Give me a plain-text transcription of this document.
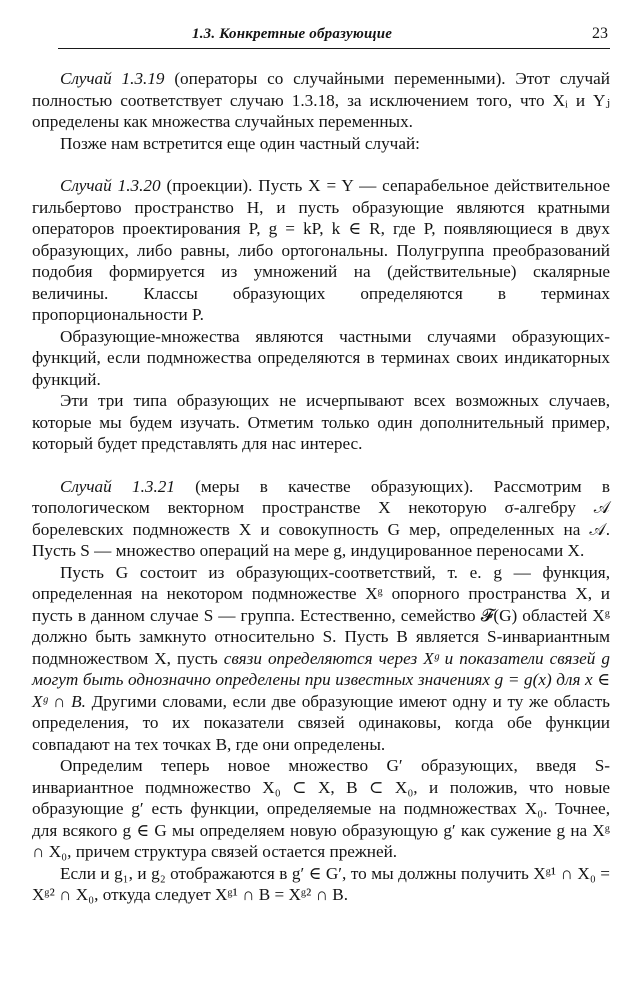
1.3. Конкретные образующие	23

Случай 1.3.19 (операторы со случайными переменными). Этот случай полностью соответствует случаю 1.3.18, за исключением того, что Xᵢ и Yⱼ определены как множества случайных переменных.

Позже нам встретится еще один частный случай:

Случай 1.3.20 (проекции). Пусть X = Y — сепарабельное действительное гильбертово пространство H, и пусть образующие являются кратными операторов проектирования P, g = kP, k ∈ R, где P, появляющиеся в двух образующих, либо равны, либо ортогональны. Полугруппа преобразований подобия формируется из умножений на (действительные) скалярные величины. Классы образующих определяются в терминах пропорциональности P.

Образующие-множества являются частными случаями образующих-функций, если подмножества определяются в терминах своих индикаторных функций.

Эти три типа образующих не исчерпывают всех возможных случаев, которые мы будем изучать. Отметим только один дополнительный пример, который будет представлять для нас интерес.

Случай 1.3.21 (меры в качестве образующих). Рассмотрим в топологическом векторном пространстве X некоторую σ-алгебру 𝒜 борелевских подмножеств X и совокупность G мер, определенных на 𝒜. Пусть S — множество операций на мере g, индуцированное переносами X.

Пусть G состоит из образующих-соответствий, т. е. g — функция, определенная на некотором подмножестве Xᵍ опорного пространства X, и пусть в данном случае S — группа. Естественно, семейство 𝓕(G) областей Xᵍ должно быть замкнуто относительно S. Пусть B является S-инвариантным подмножеством X, пусть связи определяются через Xᵍ и показатели связей g могут быть однозначно определены при известных значениях g = g(x) для x ∈ Xᵍ ∩ B. Другими словами, если две образующие имеют одну и ту же область определения, то их показатели связей одинаковы, когда обе функции совпадают на тех точках B, где они определены.

Определим теперь новое множество G′ образующих, введя S-инвариантное подмножество X₀ ⊂ X, B ⊂ X₀, и положив, что новые образующие g′ есть функции, определяемые на подмножествах X₀. Точнее, для всякого g ∈ G мы определяем новую образующую g′ как сужение g на Xᵍ ∩ X₀, причем структура связей остается прежней.

Если и g₁, и g₂ отображаются в g′ ∈ G′, то мы должны получить Xᵍ¹ ∩ X₀ = Xᵍ² ∩ X₀, откуда следует Xᵍ¹ ∩ B = Xᵍ² ∩ B.
